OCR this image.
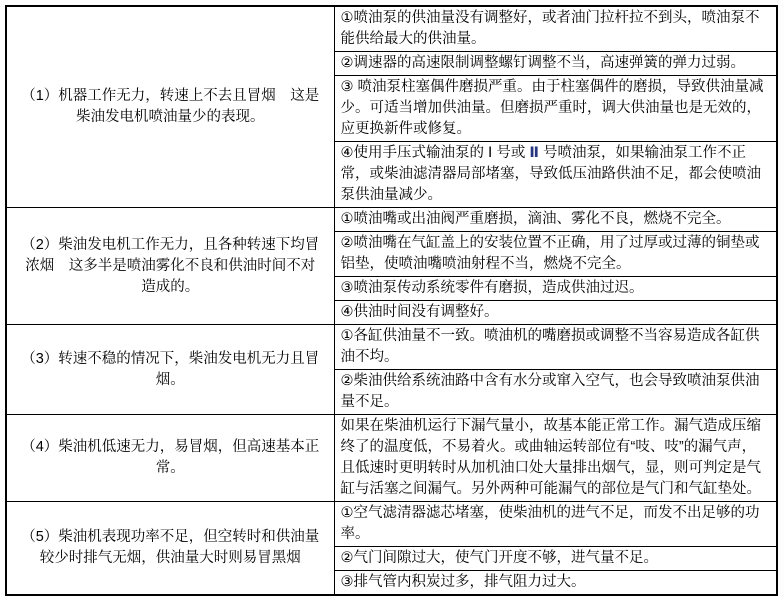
（1）机器工作无力，转速上不去且冒烟　这是柴油发电机喷油量少的表现。	①喷油泵的供油量没有调整好，或者油门拉杆拉不到头，喷油泵不能供给最大的供油量。
	②调速器的高速限制调整螺钉调整不当，高速弹簧的弹力过弱。
	③ 喷油泵柱塞偶件磨损严重。由于柱塞偶件的磨损，导致供油量减少。可适当增加供油量。但磨损严重时，调大供油量也是无效的，应更换新件或修复。
	④使用手压式输油泵的 Ⅰ 号或 Ⅱ 号喷油泵，如果输油泵工作不正常，或柴油滤清器局部堵塞，导致低压油路供油不足，都会使喷油泵供油量减少。
（2）柴油发电机工作无力，且各种转速下均冒浓烟　这多半是喷油雾化不良和供油时间不对造成的。	①喷油嘴或出油阀严重磨损，滴油、雾化不良，燃烧不完全。
	②喷油嘴在气缸盖上的安装位置不正确，用了过厚或过薄的铜垫或铝垫，使喷油嘴喷油射程不当，燃烧不完全。
	③喷油泵传动系统零件有磨损，造成供油过迟。
	④供油时间没有调整好。
（3）转速不稳的情况下，柴油发电机无力且冒烟。	①各缸供油量不一致。喷油机的嘴磨损或调整不当容易造成各缸供油不均。
	②柴油供给系统油路中含有水分或窜入空气，也会导致喷油泵供油量不足。
（4）柴油机低速无力，易冒烟，但高速基本正常。	如果在柴油机运行下漏气量小，故基本能正常工作。漏气造成压缩终了的温度低，不易着火。或曲轴运转部位有“吱、吱”的漏气声，且低速时更明转时从加机油口处大量排出烟气，显，则可判定是气缸与活塞之间漏气。另外两种可能漏气的部位是气门和气缸垫处。
（5）柴油机表现功率不足，但空转时和供油量较少时排气无烟，供油量大时则易冒黑烟	①空气滤清器滤芯堵塞，使柴油机的进气不足，而发不出足够的功率。
	②气门间隙过大，使气门开度不够，进气量不足。
	③排气管内积炭过多，排气阻力过大。
